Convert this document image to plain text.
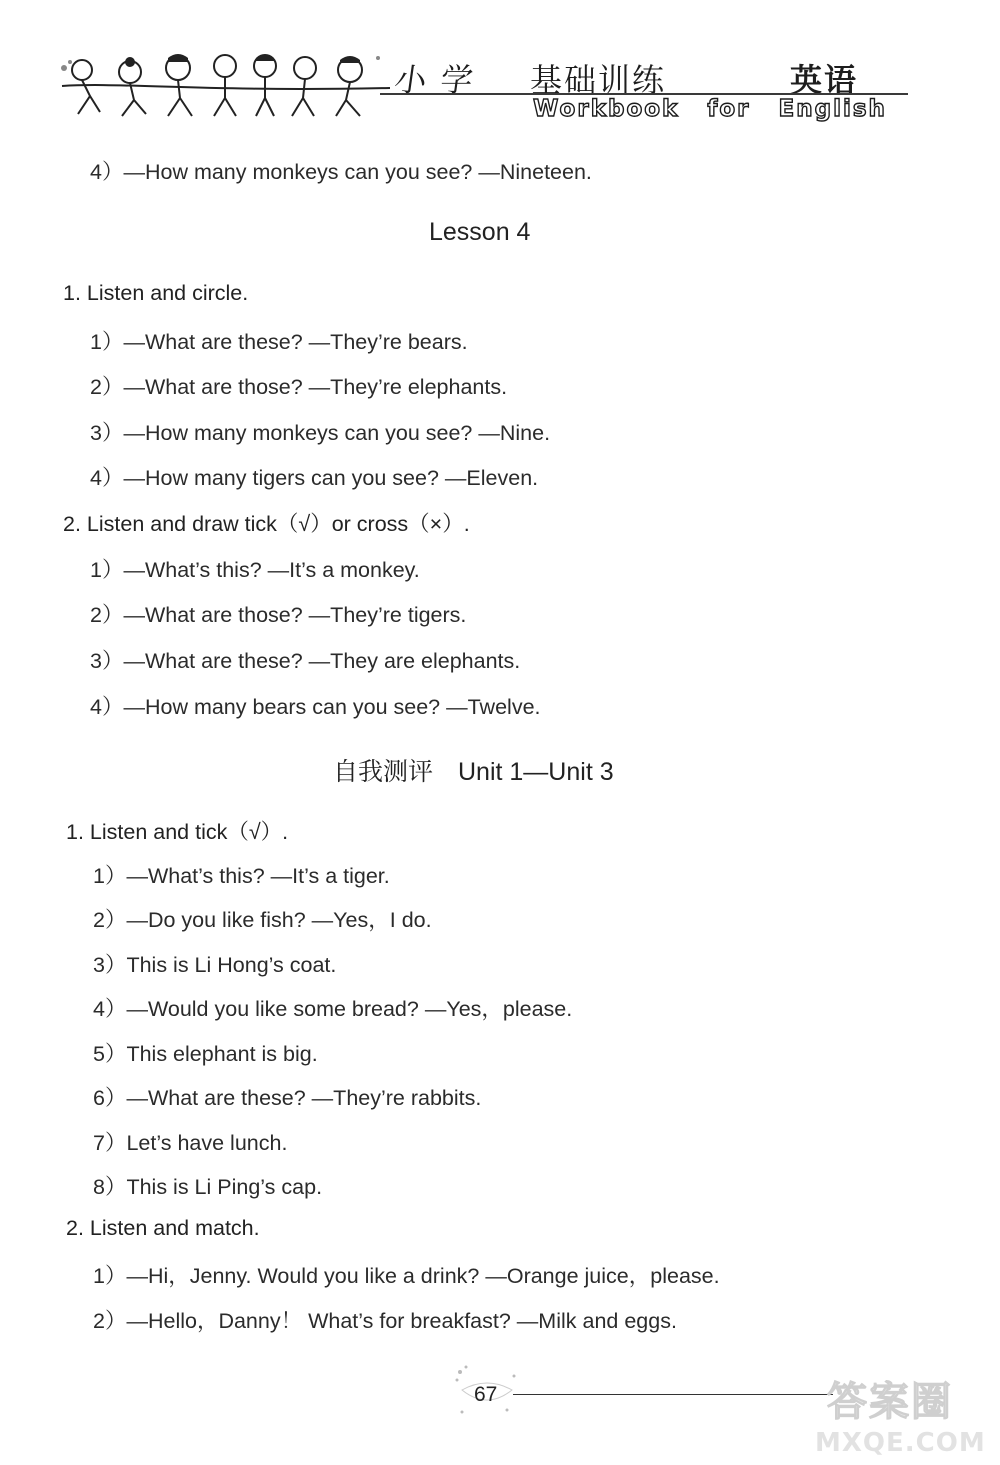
小 学 基础训练	英语
Workbook for English
4）—How many monkeys can you see? —Nineteen.
Lesson 4
1. Listen and circle.
1）—What are these? —They’re bears.
2）—What are those? —They’re elephants.
3）—How many monkeys can you see? —Nine.
4）—How many tigers can you see? —Eleven.
2. Listen and draw tick（√）or cross（×）.
1）—What’s this? —It’s a monkey.
2）—What are those? —They’re tigers.
3）—What are these? —They are elephants.
4）—How many bears can you see? —Twelve.
自我测评　Unit 1—Unit 3
1. Listen and tick（√）.
1）—What’s this? —It’s a tiger.
2）—Do you like fish? —Yes，I do.
3）This is Li Hong’s coat.
4）—Would you like some bread? —Yes，please.
5）This elephant is big.
6）—What are these? —They’re rabbits.
7）Let’s have lunch.
8）This is Li Ping’s cap.
2. Listen and match.
1）—Hi，Jenny. Would you like a drink? —Orange juice，please.
2）—Hello，Danny！ What’s for breakfast? —Milk and eggs.
67	答案圈
MXQE.COM
